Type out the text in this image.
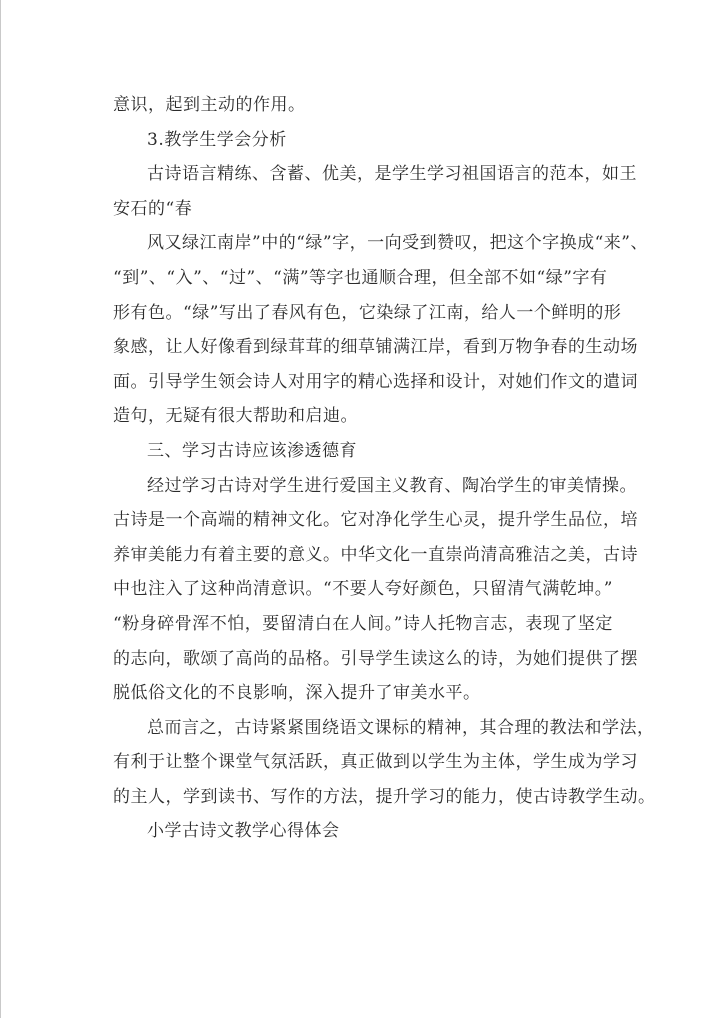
意识，起到主动的作用。
3.教学生学会分析
古诗语言精练、含蓄、优美，是学生学习祖国语言的范本，如王
安石的“春
风又绿江南岸”中的“绿”字，一向受到赞叹，把这个字换成“来”、
“到”、“入”、“过”、“满”等字也通顺合理，但全部不如“绿”字有
形有色。“绿”写出了春风有色，它染绿了江南，给人一个鲜明的形
象感，让人好像看到绿茸茸的细草铺满江岸，看到万物争春的生动场
面。引导学生领会诗人对用字的精心选择和设计，对她们作文的遣词
造句，无疑有很大帮助和启迪。
三、学习古诗应该渗透德育
经过学习古诗对学生进行爱国主义教育、陶冶学生的审美情操。
古诗是一个高端的精神文化。它对净化学生心灵，提升学生品位，培
养审美能力有着主要的意义。中华文化一直崇尚清高雅洁之美，古诗
中也注入了这种尚清意识。“不要人夸好颜色，只留清气满乾坤。”
“粉身碎骨浑不怕，要留清白在人间。”诗人托物言志，表现了坚定
的志向，歌颂了高尚的品格。引导学生读这么的诗，为她们提供了摆
脱低俗文化的不良影响，深入提升了审美水平。
总而言之，古诗紧紧围绕语文课标的精神，其合理的教法和学法，
有利于让整个课堂气氛活跃，真正做到以学生为主体，学生成为学习
的主人，学到读书、写作的方法，提升学习的能力，使古诗教学生动。
小学古诗文教学心得体会
